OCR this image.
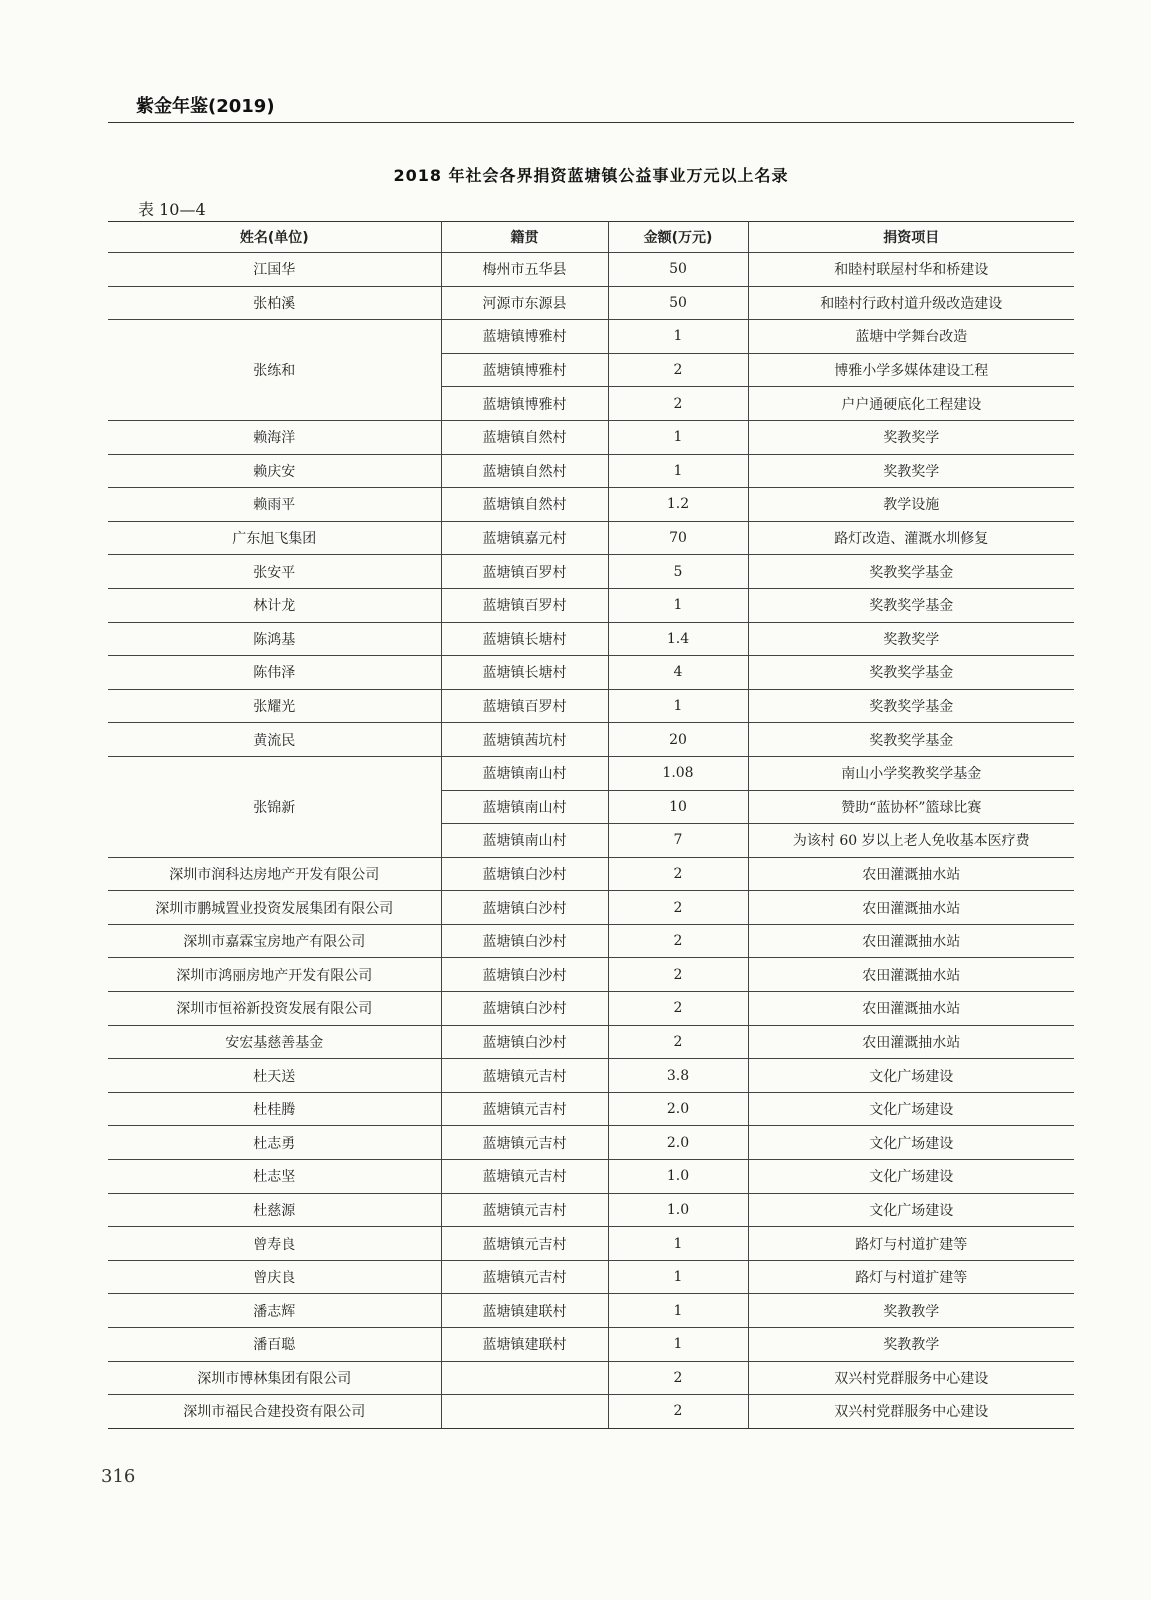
紫金年鉴(2019)
2018 年社会各界捐资蓝塘镇公益事业万元以上名录
表 10—4
姓名(单位)	籍贯	金额(万元)	捐资项目
江国华	梅州市五华县	50	和睦村联屋村华和桥建设
张柏溪	河源市东源县	50	和睦村行政村道升级改造建设
张练和	蓝塘镇博雅村	1	蓝塘中学舞台改造
	蓝塘镇博雅村	2	博雅小学多媒体建设工程
	蓝塘镇博雅村	2	户户通硬底化工程建设
赖海洋	蓝塘镇自然村	1	奖教奖学
赖庆安	蓝塘镇自然村	1	奖教奖学
赖雨平	蓝塘镇自然村	1.2	教学设施
广东旭飞集团	蓝塘镇嘉元村	70	路灯改造、灌溉水圳修复
张安平	蓝塘镇百罗村	5	奖教奖学基金
林计龙	蓝塘镇百罗村	1	奖教奖学基金
陈鸿基	蓝塘镇长塘村	1.4	奖教奖学
陈伟泽	蓝塘镇长塘村	4	奖教奖学基金
张耀光	蓝塘镇百罗村	1	奖教奖学基金
黄流民	蓝塘镇茜坑村	20	奖教奖学基金
张锦新	蓝塘镇南山村	1.08	南山小学奖教奖学基金
	蓝塘镇南山村	10	赞助“蓝协杯”篮球比赛
	蓝塘镇南山村	7	为该村 60 岁以上老人免收基本医疗费
深圳市润科达房地产开发有限公司	蓝塘镇白沙村	2	农田灌溉抽水站
深圳市鹏城置业投资发展集团有限公司	蓝塘镇白沙村	2	农田灌溉抽水站
深圳市嘉霖宝房地产有限公司	蓝塘镇白沙村	2	农田灌溉抽水站
深圳市鸿丽房地产开发有限公司	蓝塘镇白沙村	2	农田灌溉抽水站
深圳市恒裕新投资发展有限公司	蓝塘镇白沙村	2	农田灌溉抽水站
安宏基慈善基金	蓝塘镇白沙村	2	农田灌溉抽水站
杜天送	蓝塘镇元吉村	3.8	文化广场建设
杜桂腾	蓝塘镇元吉村	2.0	文化广场建设
杜志勇	蓝塘镇元吉村	2.0	文化广场建设
杜志坚	蓝塘镇元吉村	1.0	文化广场建设
杜慈源	蓝塘镇元吉村	1.0	文化广场建设
曾寿良	蓝塘镇元吉村	1	路灯与村道扩建等
曾庆良	蓝塘镇元吉村	1	路灯与村道扩建等
潘志辉	蓝塘镇建联村	1	奖教教学
潘百聪	蓝塘镇建联村	1	奖教教学
深圳市博林集团有限公司		2	双兴村党群服务中心建设
深圳市福民合建投资有限公司		2	双兴村党群服务中心建设
316
